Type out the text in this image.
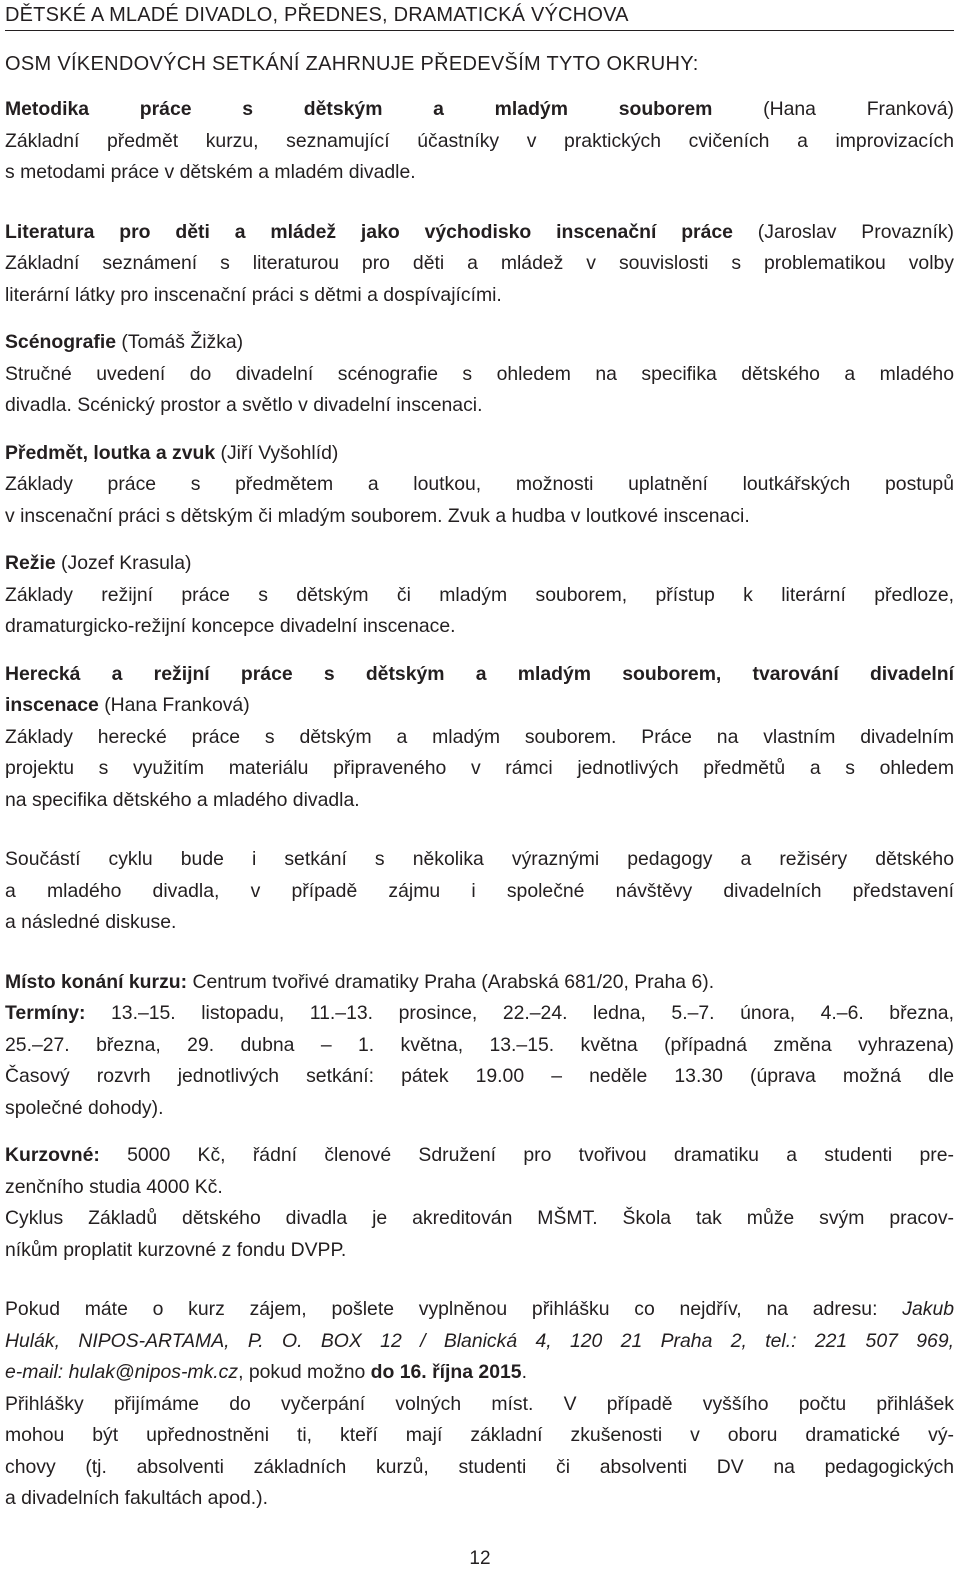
DĚTSKÉ A MLADÉ DIVADLO, PŘEDNES, DRAMATICKÁ VÝCHOVA
OSM VÍKENDOVÝCH SETKÁNÍ ZAHRNUJE PŘEDEVŠÍM TYTO OKRUHY:

Metodika práce s dětským a mladým souborem	(Hana Franková)

Základní předmět kurzu, seznamující účastníky v praktických cvičeních a improvizacích

s metodami práce v dětském a mladém divadle.

Literatura pro děti a mládež jako východisko inscenační práce (Jaroslav Provazník)

Základní seznámení s literaturou pro děti a mládež v souvislosti s problematikou volby

literární látky pro inscenační práci s dětmi a dospívajícími.

Scénografie (Tomáš Žižka)

Stručné uvedení do divadelní scénografie s ohledem na specifika dětského a mladého

divadla. Scénický prostor a světlo v divadelní inscenaci.

Předmět, loutka a zvuk (Jiří Vyšohlíd)

Základy práce s předmětem a loutkou, možnosti uplatnění loutkářských postupů

v inscenační práci s dětským či mladým souborem. Zvuk a hudba v loutkové inscenaci.

Režie (Jozef Krasula)

Základy režijní práce s dětským či mladým souborem, přístup k literární předloze,

dramaturgicko-režijní koncepce divadelní inscenace.

Herecká a režijní práce s dětským a mladým souborem, tvarování divadelní

inscenace (Hana Franková)

Základy herecké práce s dětským a mladým souborem. Práce na vlastním divadelním

projektu s využitím materiálu připraveného v rámci jednotlivých předmětů a s ohledem

na specifika dětského a mladého divadla.

Součástí cyklu bude i setkání s několika výraznými pedagogy a režiséry dětského

a mladého divadla, v případě zájmu i společné návštěvy divadelních představení

a následné diskuse.

Místo konání kurzu: Centrum tvořivé dramatiky Praha (Arabská 681/20, Praha 6).

Termíny: 13.–15. listopadu, 11.–13. prosince, 22.–24. ledna, 5.–7. února, 4.–6. března,

25.–27. března, 29. dubna – 1. května, 13.–15. května (případná změna vyhrazena)

Časový rozvrh jednotlivých setkání: pátek 19.00 – neděle 13.30 (úprava možná dle

společné dohody).

Kurzovné: 5000 Kč, řádní členové Sdružení pro tvořivou dramatiku a studenti pre-

zenčního studia 4000 Kč.

Cyklus Základů dětského divadla je akreditován MŠMT. Škola tak může svým pracov-

níkům proplatit kurzovné z fondu DVPP.

Pokud máte o kurz zájem, pošlete vyplněnou přihlášku co nejdřív, na adresu: Jakub

Hulák, NIPOS-ARTAMA, P. O. BOX 12 / Blanická 4, 120 21 Praha 2, tel.: 221 507 969,

e-mail: hulak@nipos-mk.cz, pokud možno do 16. října 2015.

Přihlášky přijímáme do vyčerpání volných míst. V případě vyššího počtu přihlášek

mohou být upřednostněni ti, kteří mají základní zkušenosti v oboru dramatické vý-

chovy (tj. absolventi základních kurzů, studenti či absolventi DV na pedagogických

a divadelních fakultách apod.).

12
